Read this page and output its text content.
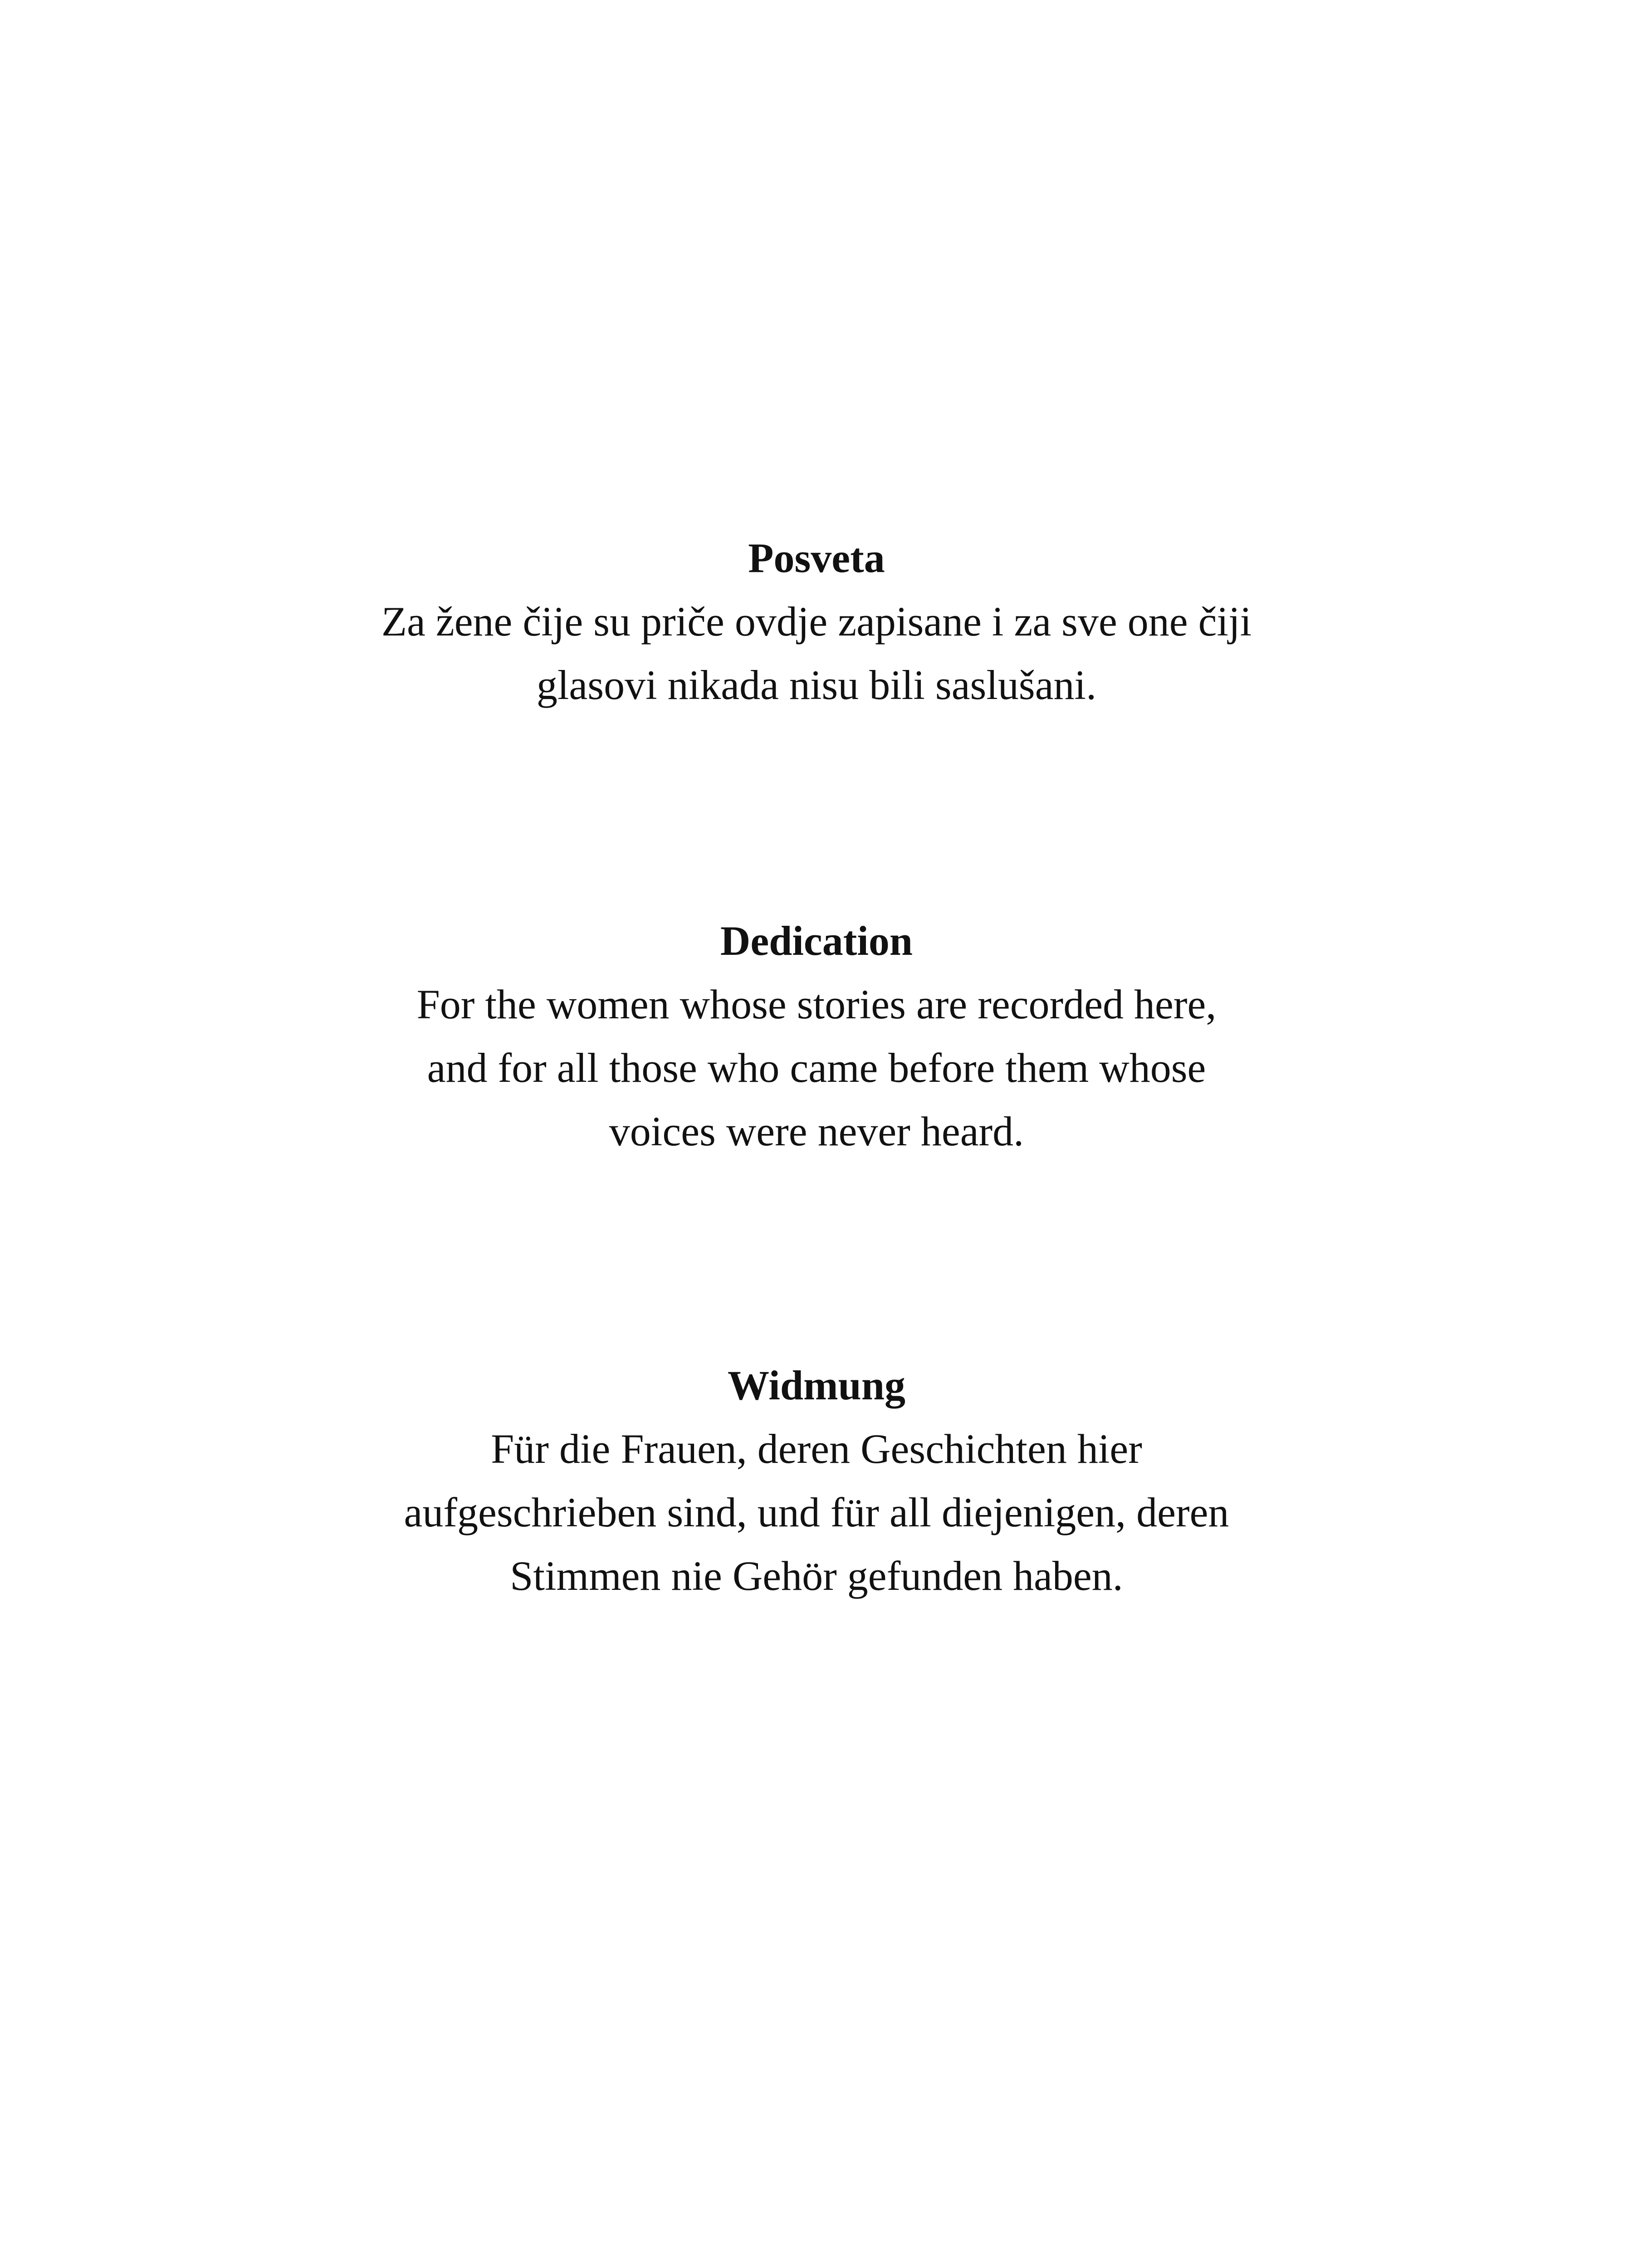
Posveta

Za žene čije su priče ovdje zapisane i za sve one čiji
glasovi nikada nisu bili saslušani.

Dedication

For the women whose stories are recorded here,
and for all those who came before them whose
voices were never heard.

Widmung

Für die Frauen, deren Geschichten hier
aufgeschrieben sind, und für all diejenigen, deren
Stimmen nie Gehör gefunden haben.
